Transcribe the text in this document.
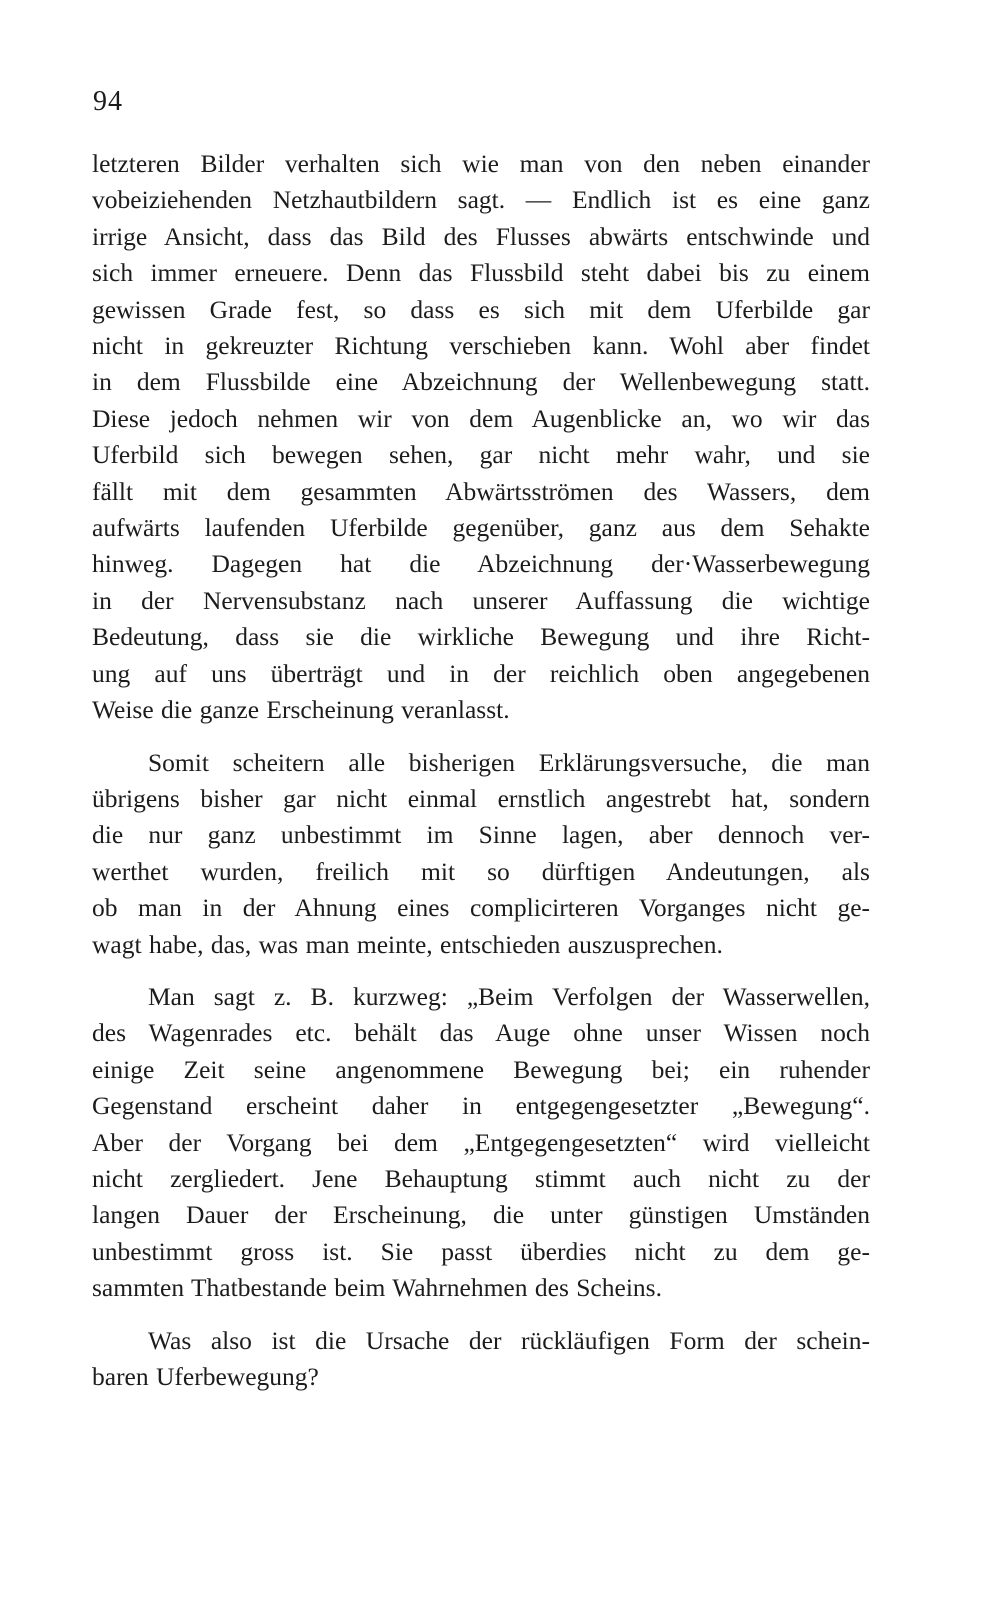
94
letzteren Bilder verhalten sich wie man von den neben einander
vobeiziehenden Netzhautbildern sagt. — Endlich ist es eine ganz
irrige Ansicht, dass das Bild des Flusses abwärts entschwinde und
sich immer erneuere. Denn das Flussbild steht dabei bis zu einem
gewissen Grade fest, so dass es sich mit dem Uferbilde gar
nicht in gekreuzter Richtung verschieben kann. Wohl aber findet
in dem Flussbilde eine Abzeichnung der Wellenbewegung statt.
Diese jedoch nehmen wir von dem Augenblicke an, wo wir das
Uferbild sich bewegen sehen, gar nicht mehr wahr, und sie
fällt mit dem gesammten Abwärtsströmen des Wassers, dem
aufwärts laufenden Uferbilde gegenüber, ganz aus dem Sehakte
hinweg. Dagegen hat die Abzeichnung der·Wasserbewegung
in der Nervensubstanz nach unserer Auffassung die wichtige
Bedeutung, dass sie die wirkliche Bewegung und ihre Richt-
ung auf uns überträgt und in der reichlich oben angegebenen
Weise die ganze Erscheinung veranlasst.
Somit scheitern alle bisherigen Erklärungsversuche, die man
übrigens bisher gar nicht einmal ernstlich angestrebt hat, sondern
die nur ganz unbestimmt im Sinne lagen, aber dennoch ver-
werthet wurden, freilich mit so dürftigen Andeutungen, als
ob man in der Ahnung eines complicirteren Vorganges nicht ge-
wagt habe, das, was man meinte, entschieden auszusprechen.
Man sagt z. B. kurzweg: „Beim Verfolgen der Wasserwellen,
des Wagenrades etc. behält das Auge ohne unser Wissen noch
einige Zeit seine angenommene Bewegung bei; ein ruhender
Gegenstand erscheint daher in entgegengesetzter „Bewegung“.
Aber der Vorgang bei dem „Entgegengesetzten“ wird vielleicht
nicht zergliedert. Jene Behauptung stimmt auch nicht zu der
langen Dauer der Erscheinung, die unter günstigen Umständen
unbestimmt gross ist. Sie passt überdies nicht zu dem ge-
sammten Thatbestande beim Wahrnehmen des Scheins.
Was also ist die Ursache der rückläufigen Form der schein-
baren Uferbewegung?
